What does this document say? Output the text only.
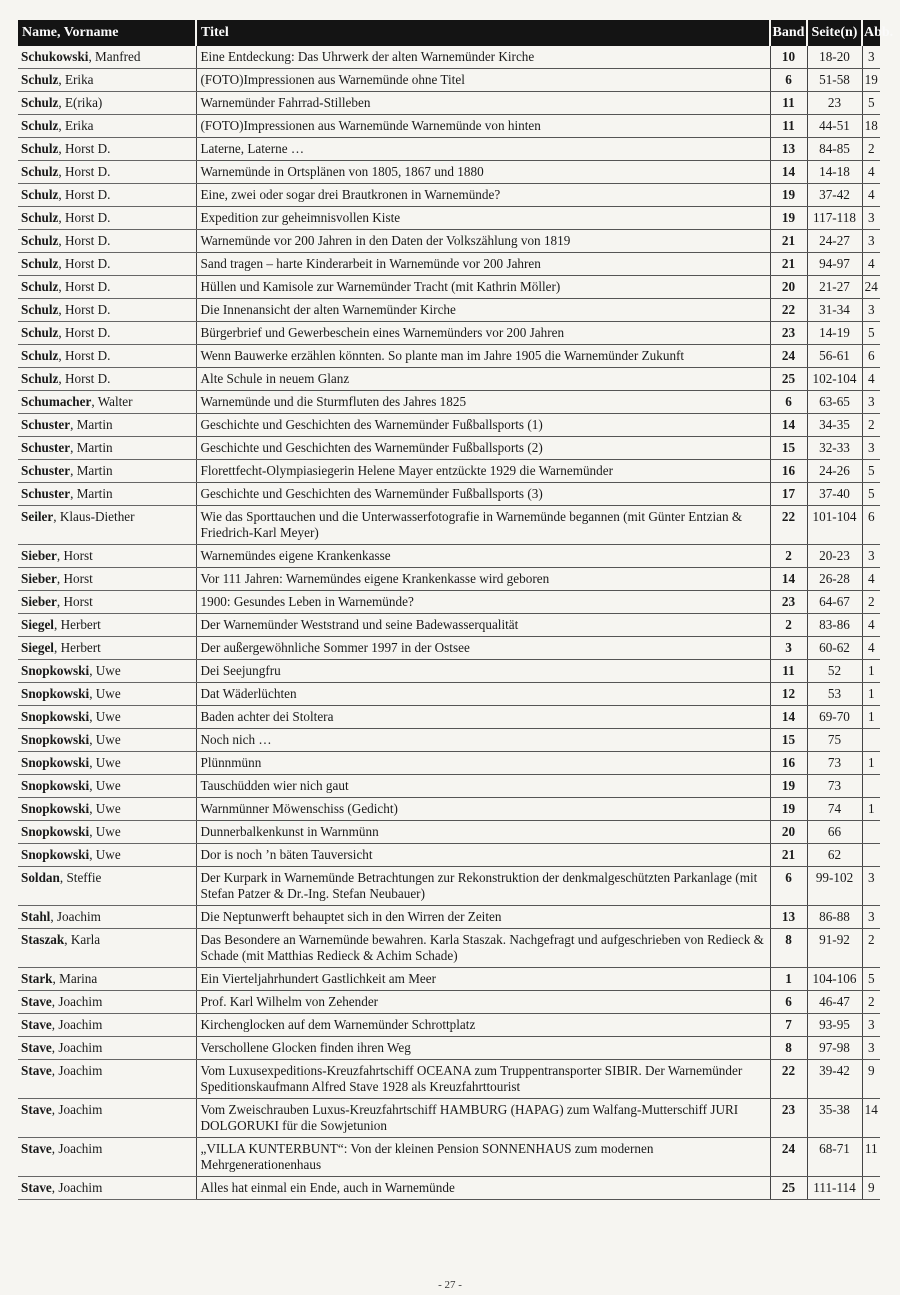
Name, Vorname	Titel	Band	Seite(n)	Abb.
Schukowski, Manfred	Eine Entdeckung: Das Uhrwerk der alten Warnemünder Kirche	10	18-20	3
Schulz, Erika	(FOTO)Impressionen aus Warnemünde ohne Titel	6	51-58	19
Schulz, E(rika)	Warnemünder Fahrrad-Stilleben	11	23	5
Schulz, Erika	(FOTO)Impressionen aus Warnemünde Warnemünde von hinten	11	44-51	18
Schulz, Horst D.	Laterne, Laterne …	13	84-85	2
Schulz, Horst D.	Warnemünde in Ortsplänen von 1805, 1867 und 1880	14	14-18	4
Schulz, Horst D.	Eine, zwei oder sogar drei Brautkronen in Warnemünde?	19	37-42	4
Schulz, Horst D.	Expedition zur geheimnisvollen Kiste	19	117-118	3
Schulz, Horst D.	Warnemünde vor 200 Jahren in den Daten der Volkszählung von 1819	21	24-27	3
Schulz, Horst D.	Sand tragen – harte Kinderarbeit in Warnemünde vor 200 Jahren	21	94-97	4
Schulz, Horst D.	Hüllen und Kamisole zur Warnemünder Tracht (mit Kathrin Möller)	20	21-27	24
Schulz, Horst D.	Die Innenansicht der alten Warnemünder Kirche	22	31-34	3
Schulz, Horst D.	Bürgerbrief und Gewerbeschein eines Warnemünders vor 200 Jahren	23	14-19	5
Schulz, Horst D.	Wenn Bauwerke erzählen könnten. So plante man im Jahre 1905 die Warnemünder Zukunft	24	56-61	6
Schulz, Horst D.	Alte Schule in neuem Glanz	25	102-104	4
Schumacher, Walter	Warnemünde und die Sturmfluten des Jahres 1825	6	63-65	3
Schuster, Martin	Geschichte und Geschichten des Warnemünder Fußballsports (1)	14	34-35	2
Schuster, Martin	Geschichte und Geschichten des Warnemünder Fußballsports (2)	15	32-33	3
Schuster, Martin	Florettfecht-Olympiasiegerin Helene Mayer entzückte 1929 die Warnemünder	16	24-26	5
Schuster, Martin	Geschichte und Geschichten des Warnemünder Fußballsports (3)	17	37-40	5
Seiler, Klaus-Diether	Wie das Sporttauchen und die Unterwasserfotografie in Warnemünde begannen (mit Günter Entzian & Friedrich-Karl Meyer)	22	101-104	6
Sieber, Horst	Warnemündes eigene Krankenkasse	2	20-23	3
Sieber, Horst	Vor 111 Jahren: Warnemündes eigene Krankenkasse wird geboren	14	26-28	4
Sieber, Horst	1900: Gesundes Leben in Warnemünde?	23	64-67	2
Siegel, Herbert	Der Warnemünder Weststrand und seine Badewasserqualität	2	83-86	4
Siegel, Herbert	Der außergewöhnliche Sommer 1997 in der Ostsee	3	60-62	4
Snopkowski, Uwe	Dei Seejungfru	11	52	1
Snopkowski, Uwe	Dat Wäderlüchten	12	53	1
Snopkowski, Uwe	Baden achter dei Stoltera	14	69-70	1
Snopkowski, Uwe	Noch nich …	15	75	
Snopkowski, Uwe	Plünnmünn	16	73	1
Snopkowski, Uwe	Tauschüdden wier nich gaut	19	73	
Snopkowski, Uwe	Warnmünner Möwenschiss (Gedicht)	19	74	1
Snopkowski, Uwe	Dunnerbalkenkunst in Warnmünn	20	66	
Snopkowski, Uwe	Dor is noch ’n bäten Tauversicht	21	62	
Soldan, Steffie	Der Kurpark in Warnemünde Betrachtungen zur Rekonstruktion der denkmalgeschützten Parkanlage (mit Stefan Patzer & Dr.-Ing. Stefan Neubauer)	6	99-102	3
Stahl, Joachim	Die Neptunwerft behauptet sich in den Wirren der Zeiten	13	86-88	3
Staszak, Karla	Das Besondere an Warnemünde bewahren. Karla Staszak. Nachgefragt und aufgeschrieben von Redieck & Schade (mit Matthias Redieck & Achim Schade)	8	91-92	2
Stark, Marina	Ein Vierteljahrhundert Gastlichkeit am Meer	1	104-106	5
Stave, Joachim	Prof. Karl Wilhelm von Zehender	6	46-47	2
Stave, Joachim	Kirchenglocken auf dem Warnemünder Schrottplatz	7	93-95	3
Stave, Joachim	Verschollene Glocken finden ihren Weg	8	97-98	3
Stave, Joachim	Vom Luxusexpeditions-Kreuzfahrtschiff OCEANA zum Truppentransporter SIBIR. Der Warnemünder Speditionskaufmann Alfred Stave 1928 als Kreuzfahrttourist	22	39-42	9
Stave, Joachim	Vom Zweischrauben Luxus-Kreuzfahrtschiff HAMBURG (HAPAG) zum Walfang-Mutterschiff JURI DOLGORUKI für die Sowjetunion	23	35-38	14
Stave, Joachim	„VILLA KUNTERBUNT“: Von der kleinen Pension SONNENHAUS zum modernen Mehrgenerationenhaus	24	68-71	11
Stave, Joachim	Alles hat einmal ein Ende, auch in Warnemünde	25	111-114	9
- 27 -
